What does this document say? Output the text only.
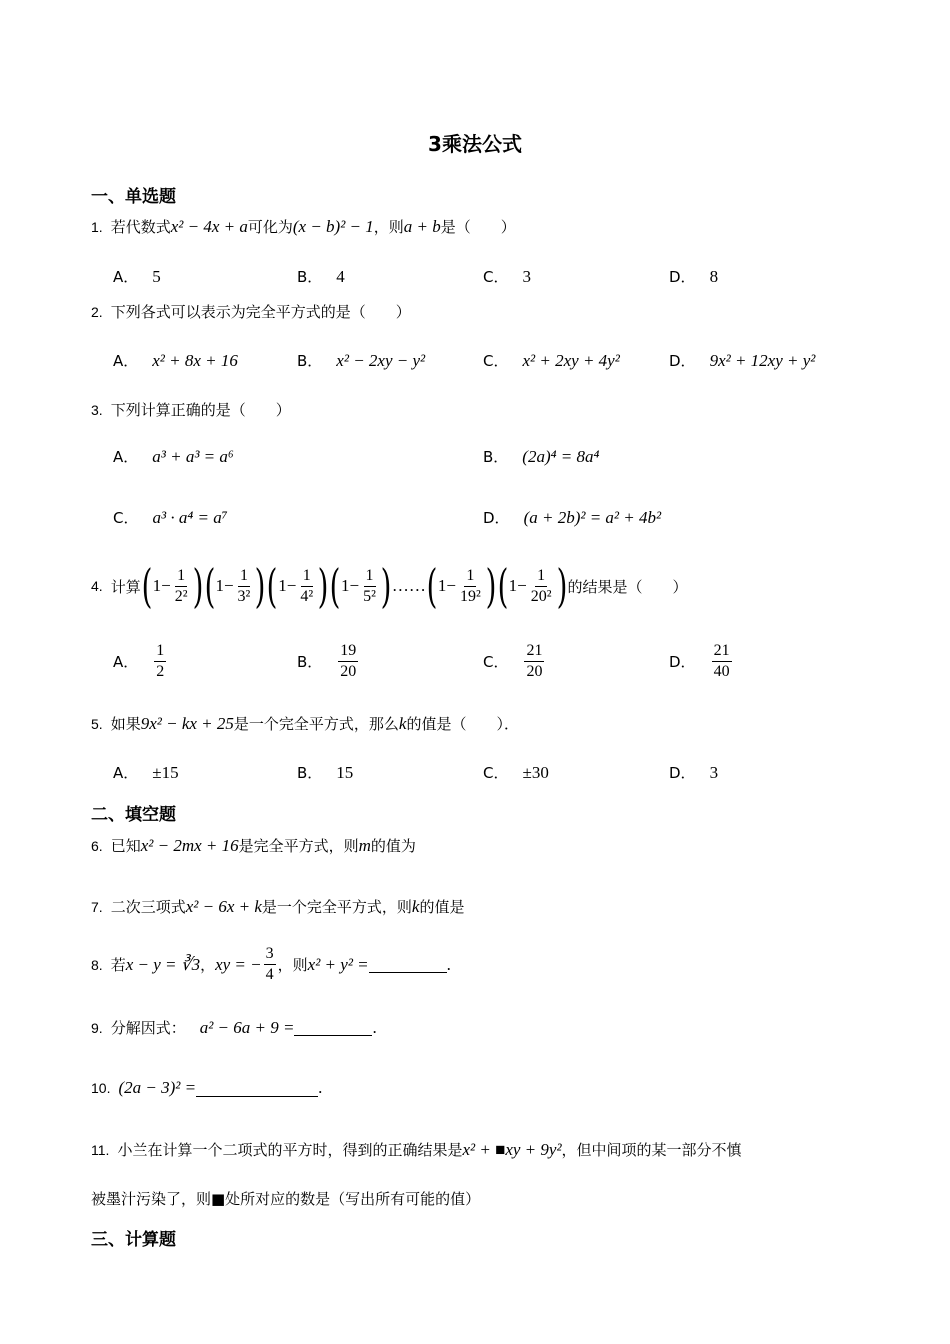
3乘法公式
一、单选题
1. 若代数式 x² − 4x + a 可化为 (x − b)² − 1 ，则 a + b 是（　　）
A． 5	B． 4	C． 3	D． 8
2. 下列各式可以表示为完全平方式的是（　　）
A． x² + 8x + 16	B． x² − 2xy − y²	C． x² + 2xy + 4y²	D． 9x² + 12xy + y²
3. 下列计算正确的是（　　）
A． a³ + a³ = a⁶	B． (2a)⁴ = 8a⁴
C． a³ · a⁴ = a⁷	D． (a + 2b)² = a² + 4b²
4. 计算 ( $1 - \frac{1}{\text{2²}}$ ) ( $1 - \frac{1}{\text{3²}}$ ) ( $1 - \frac{1}{\text{4²}}$ ) ( $1 - \frac{1}{\text{5²}}$ ) …… ( $1 - \frac{1}{\text{19²}}$ ) ( $1 - \frac{1}{\text{20²}}$ ) 的结果是（　　）
A． $\frac{1}{2}$	B． $\frac{19}{20}$	C． $\frac{21}{20}$	D． $\frac{21}{40}$
5. 如果 9x² − kx + 25 是一个完全平方式，那么 k 的值是（　　）．
A． ±15	B． 15	C． ±30	D． 3
二、填空题
6. 已知 x² − 2mx + 16 是完全平方式，则 m 的值为
7. 二次三项式 x² − 6x + k 是一个完全平方式，则 k 的值是
8. 若 x − y = ∛3 ， xy = − $\frac{3}{4}$ ，则 x² + y² =	.
9. 分解因式： a² − 6a + 9 =	.
10. (2a − 3)² =	.
11. 小兰在计算一个二项式的平方时，得到的正确结果是 x² + ■xy + 9y² ，但中间项的某一部分不慎
被墨汁污染了，则■处所对应的数是（写出所有可能的值）
三、计算题
